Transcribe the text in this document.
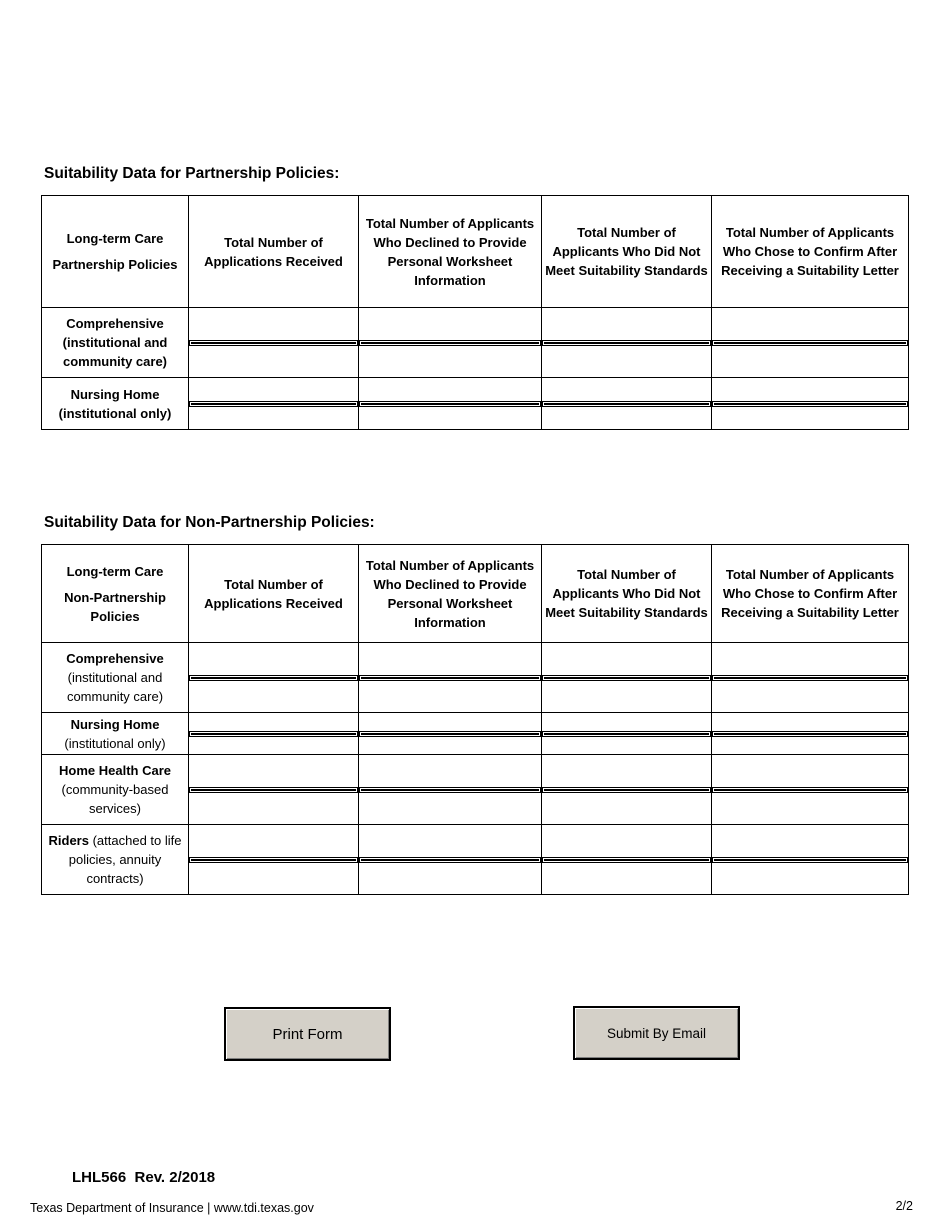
Suitability Data for Partnership Policies:

Long-term Care

Partnership Policies	Total Number of Applications Received	Total Number of Applicants Who Declined to Provide Personal Worksheet Information	Total Number of Applicants Who Did Not Meet Suitability Standards	Total Number of Applicants Who Chose to Confirm After Receiving a Suitability Letter
Comprehensive (institutional and community care)	

Nursing Home (institutional only)	

Suitability Data for Non-Partnership Policies:

Long-term Care

Non-Partnership Policies	Total Number of Applications Received	Total Number of Applicants Who Declined to Provide Personal Worksheet Information	Total Number of Applicants Who Did Not Meet Suitability Standards	Total Number of Applicants Who Chose to Confirm After Receiving a Suitability Letter
Comprehensive (institutional and community care)	

Nursing Home (institutional only)	

Home Health Care (community-based services)	

Riders (attached to life policies, annuity contracts)	

Print Form	Submit By Email
LHL566  Rev. 2/2018
Texas Department of Insurance | www.tdi.texas.gov	2/2
